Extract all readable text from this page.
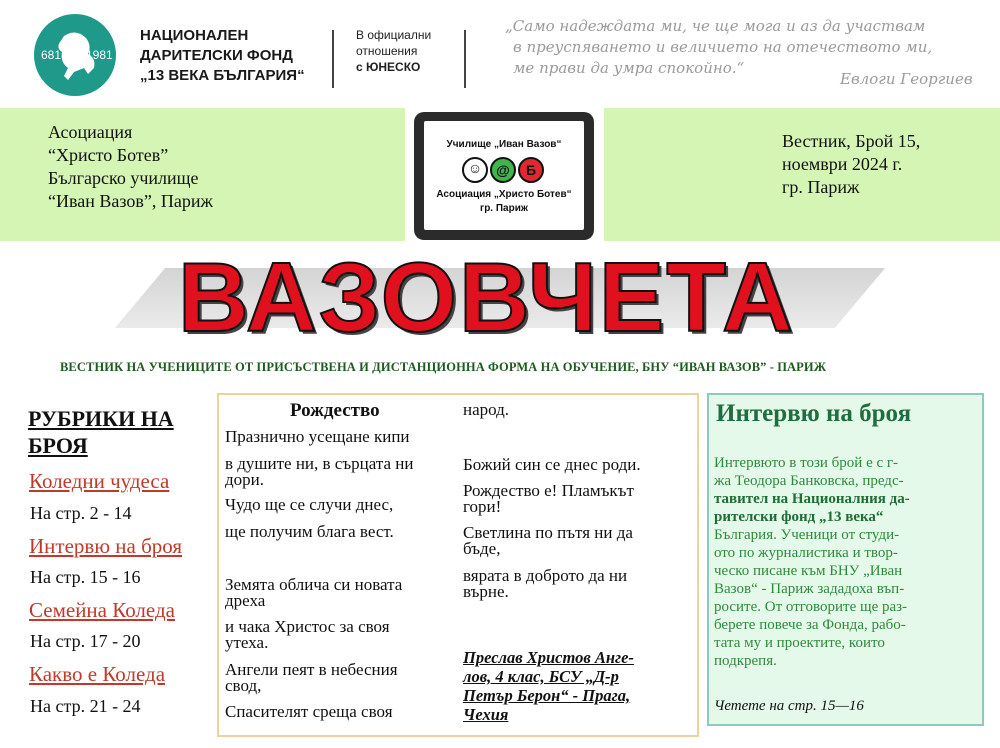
681 1981
НАЦИОНАЛЕН
ДАРИТЕЛСКИ ФОНД
„13 ВЕКА БЪЛГАРИЯ“
В официални
отношения
с ЮНЕСКО
„Само надеждата ми, че ще мога и аз да участвам
в преуспяването и величието на отечеството ми,
ме прави да умра спокойно.“
Евлоги Георгиев
Асоциация
“Христо Ботев”
Българско училище
“Иван Вазов”, Париж
Вестник, Брой 15,
ноември 2024 г.
гр. Париж
Училище „Иван Вазов“
☺	@	Б
Асоциация „Христо Ботев“
гр. Париж
ВАЗОВЧЕТА
ВЕСТНИК НА УЧЕНИЦИТЕ ОТ ПРИСЪСТВЕНА И ДИСТАНЦИОННА ФОРМА НА ОБУЧЕНИЕ, БНУ “ИВАН ВАЗОВ” - ПАРИЖ
РУБРИКИ НА
БРОЯ
Коледни чудеса
На стр. 2 - 14
Интервю на броя
На стр. 15 - 16
Семейна Коледа
На стр. 17 - 20
Какво е Коледа
На стр. 21 - 24
Рождество
Празнично усещане кипи
в душите ни, в сърцата ни
дори.
Чудо ще се случи днес,
ще получим блага вест.
Земята облича си новата
дреха
и чака Христос за своя
утеха.
Ангели пеят в небесния
свод,
Спасителят среща своя
народ.
Божий син се днес роди.
Рождество е! Пламъкът
гори!
Светлина по пътя ни да
бъде,
вярата в доброто да ни
върне.
Преслав Христов Анге-
лов, 4 клас, БСУ „Д-р
Петър Берон“ - Прага,
Чехия
Интервю на броя
Интервюто в този брой е с г-
жа Теодора Банковска, предс-
тавител на Националния да-
рителски фонд „13 века“
България. Ученици от студи-
ото по журналистика и твор-
ческо писане към БНУ „Иван
Вазов“ - Париж зададоха въп-
росите. От отговорите ще раз-
берете повече за Фонда, рабо-
тата му и проектите, които
подкрепя.
Четете на стр. 15—16
